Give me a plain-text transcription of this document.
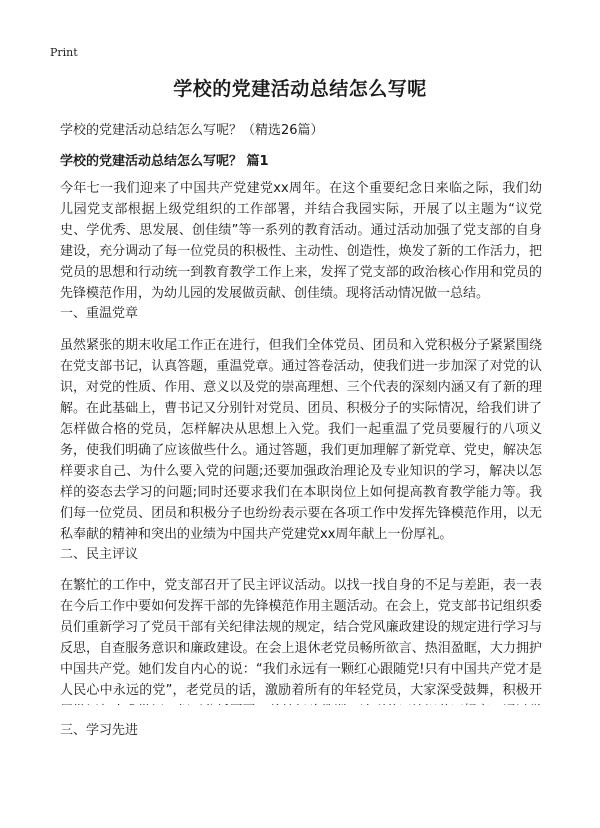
Print
学校的党建活动总结怎么写呢

学校的党建活动总结怎么写呢？（精选26篇）

学校的党建活动总结怎么写呢？ 篇1

今年七一我们迎来了中国共产党建党xx周年。在这个重要纪念日来临之际，我们幼儿园党支部根据上级党组织的工作部署，并结合我园实际，开展了以主题为“议党史、学优秀、思发展、创佳绩”等一系列的教育活动。通过活动加强了党支部的自身建设，充分调动了每一位党员的积极性、主动性、创造性，焕发了新的工作活力，把党员的思想和行动统一到教育教学工作上来，发挥了党支部的政治核心作用和党员的先锋模范作用，为幼儿园的发展做贡献、创佳绩。现将活动情况做一总结。

一、重温党章

虽然紧张的期末收尾工作正在进行，但我们全体党员、团员和入党积极分子紧紧围绕在党支部书记，认真答题，重温党章。通过答卷活动，使我们进一步加深了对党的认识，对党的性质、作用、意义以及党的崇高理想、三个代表的深刻内涵又有了新的理解。在此基础上，曹书记又分别针对党员、团员、积极分子的实际情况，给我们讲了怎样做合格的党员，怎样解决从思想上入党。我们一起重温了党员要履行的八项义务，使我们明确了应该做些什么。通过答题，我们更加理解了新党章、党史，解决怎样要求自己、为什么要入党的问题;还要加强政治理论及专业知识的学习，解决以怎样的姿态去学习的问题;同时还要求我们在本职岗位上如何提高教育教学能力等。我们每一位党员、团员和积极分子也纷纷表示要在各项工作中发挥先锋模范作用，以无私奉献的精神和突出的业绩为中国共产党建党xx周年献上一份厚礼。

二、民主评议

在繁忙的工作中，党支部召开了民主评议活动。以找一找自身的不足与差距，表一表在今后工作中要如何发挥干部的先锋模范作用主题活动。在会上，党支部书记组织委员们重新学习了党员干部有关纪律法规的规定，结合党风廉政建设的规定进行学习与反思，自查服务意识和廉政建设。在会上退休老党员畅所欲言、热泪盈眶，大力拥护中国共产党。她们发自内心的说：“我们永远有一颗红心跟随党!只有中国共产党才是人民心中永远的党”，老党员的话，激励着所有的年轻党员，大家深受鼓舞，积极开

三、学习先进
